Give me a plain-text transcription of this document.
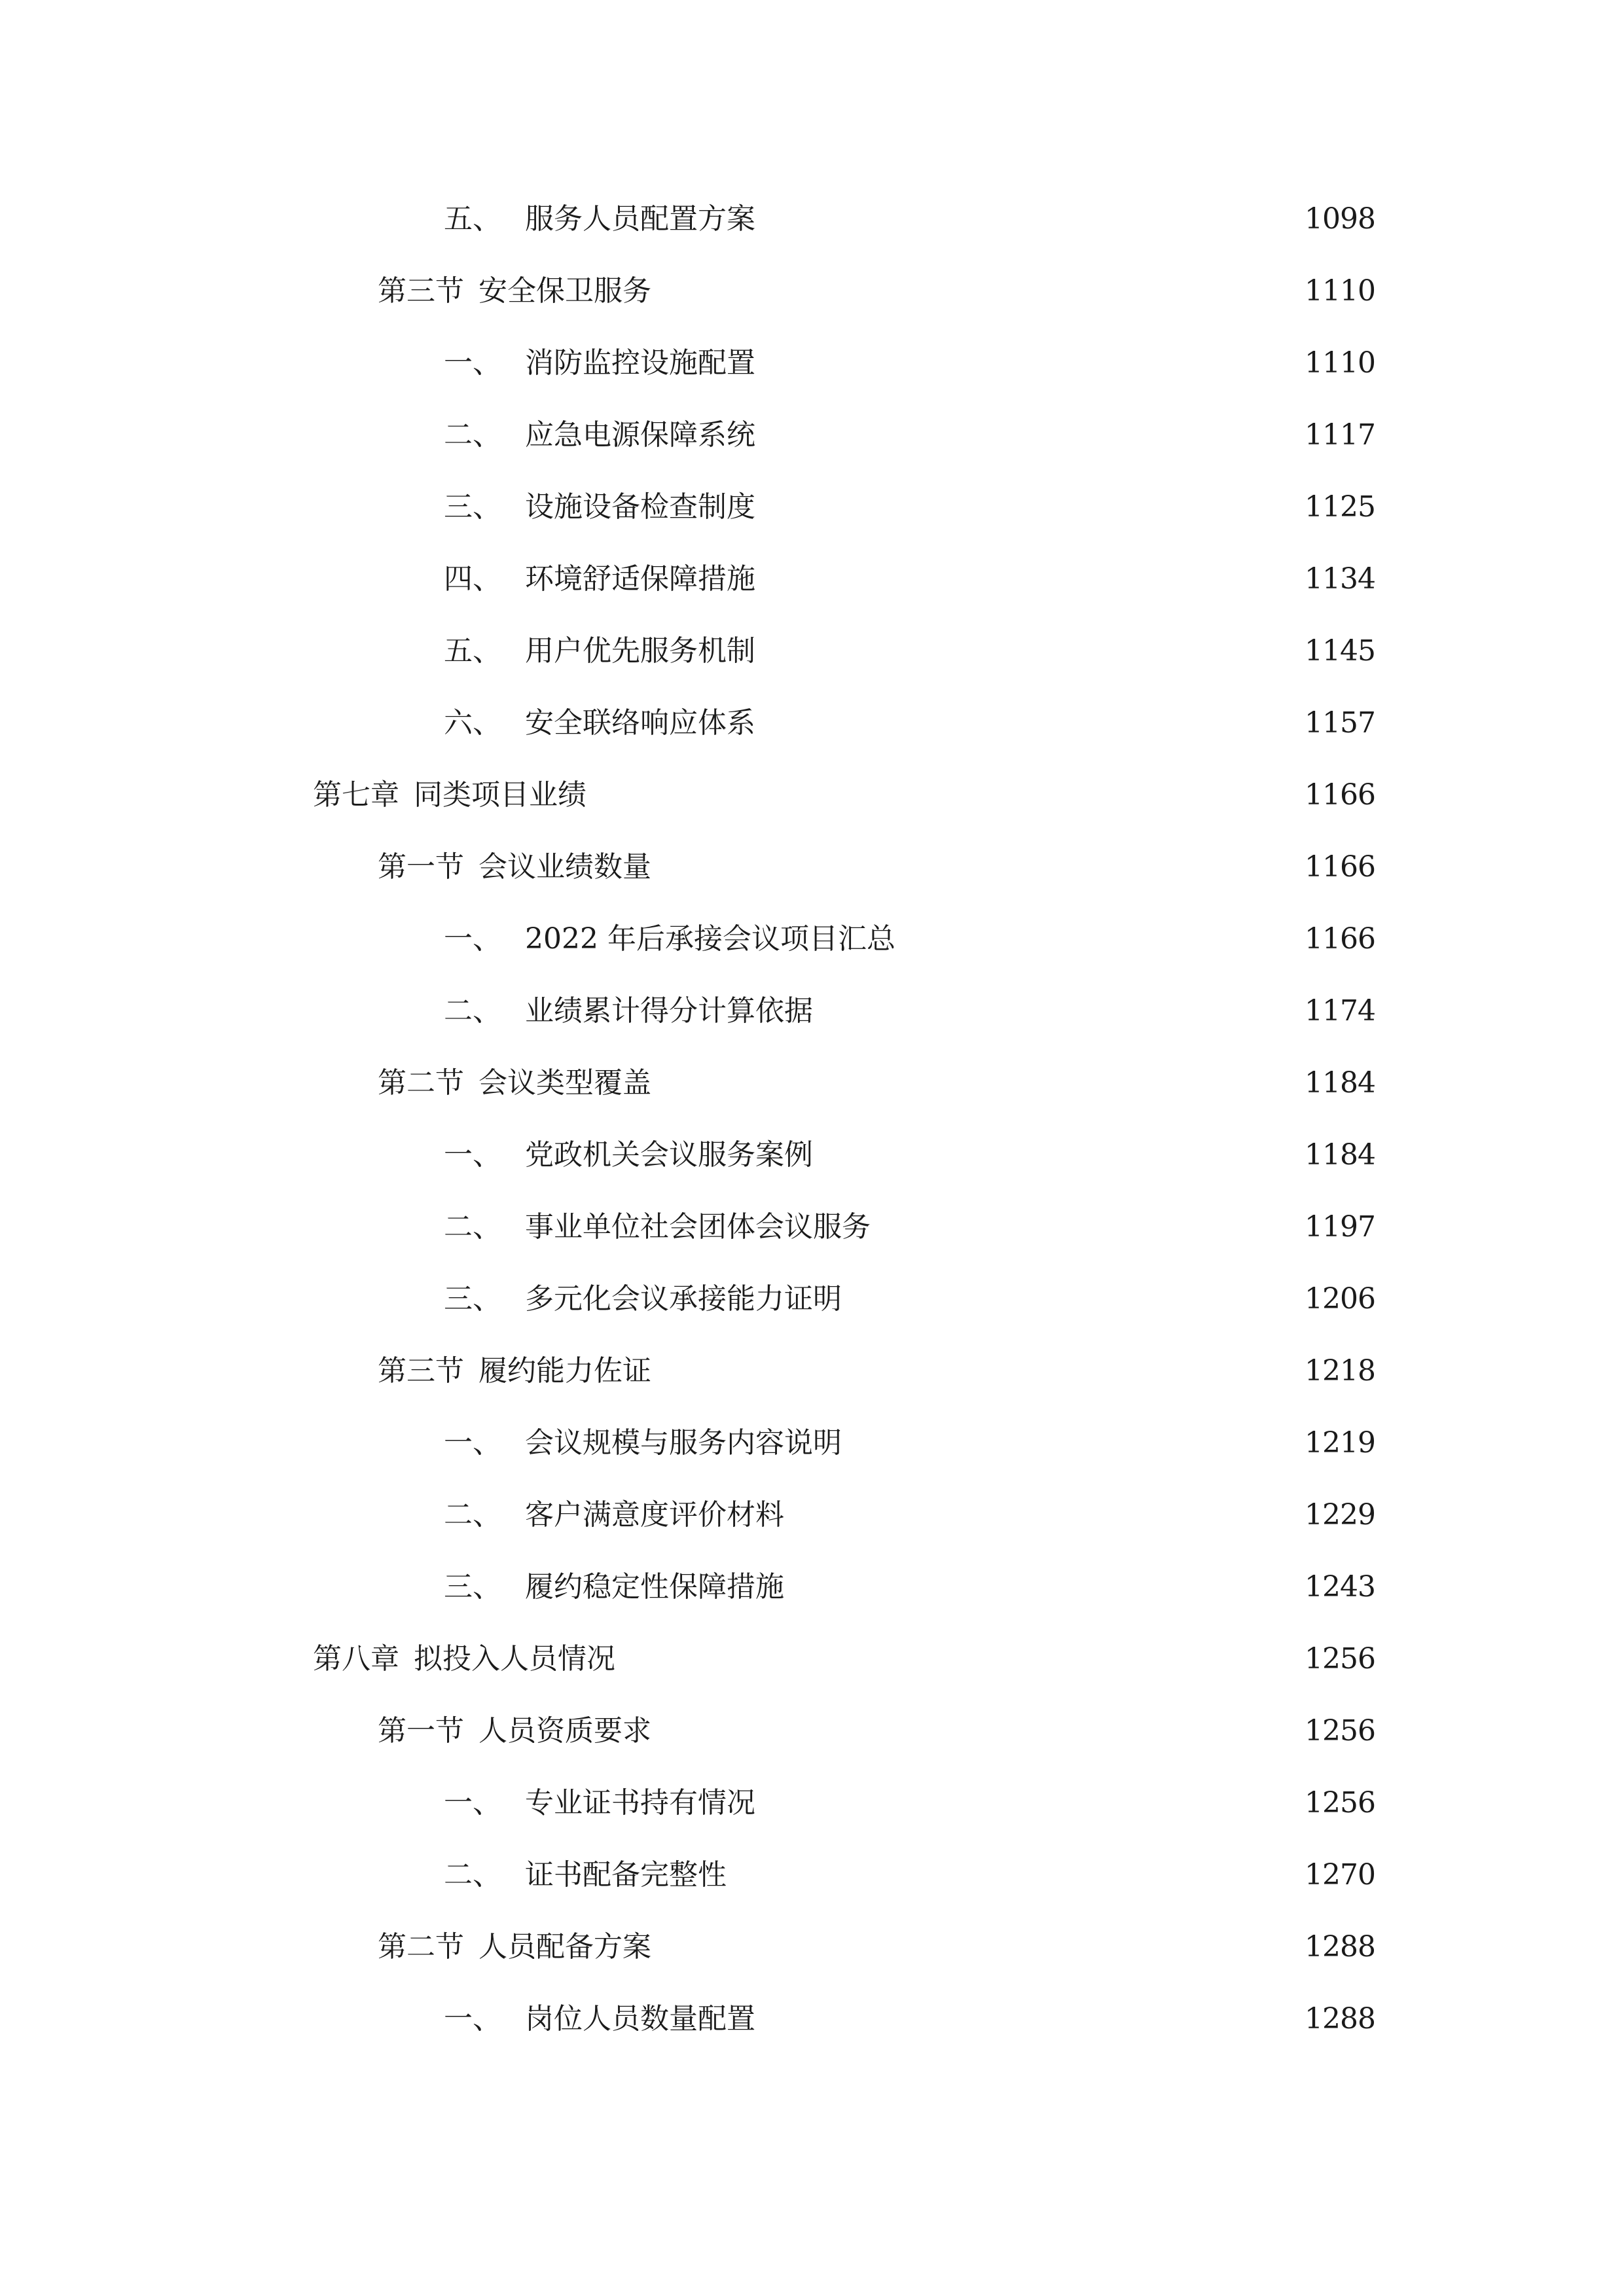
五、 服务人员配置方案	1098
第三节 安全保卫服务	1110
一、 消防监控设施配置	1110
二、 应急电源保障系统	1117
三、 设施设备检查制度	1125
四、 环境舒适保障措施	1134
五、 用户优先服务机制	1145
六、 安全联络响应体系	1157
第七章 同类项目业绩	1166
第一节 会议业绩数量	1166
一、 2022 年后承接会议项目汇总	1166
二、 业绩累计得分计算依据	1174
第二节 会议类型覆盖	1184
一、 党政机关会议服务案例	1184
二、 事业单位社会团体会议服务	1197
三、 多元化会议承接能力证明	1206
第三节 履约能力佐证	1218
一、 会议规模与服务内容说明	1219
二、 客户满意度评价材料	1229
三、 履约稳定性保障措施	1243
第八章 拟投入人员情况	1256
第一节 人员资质要求	1256
一、 专业证书持有情况	1256
二、 证书配备完整性	1270
第二节 人员配备方案	1288
一、 岗位人员数量配置	1288
